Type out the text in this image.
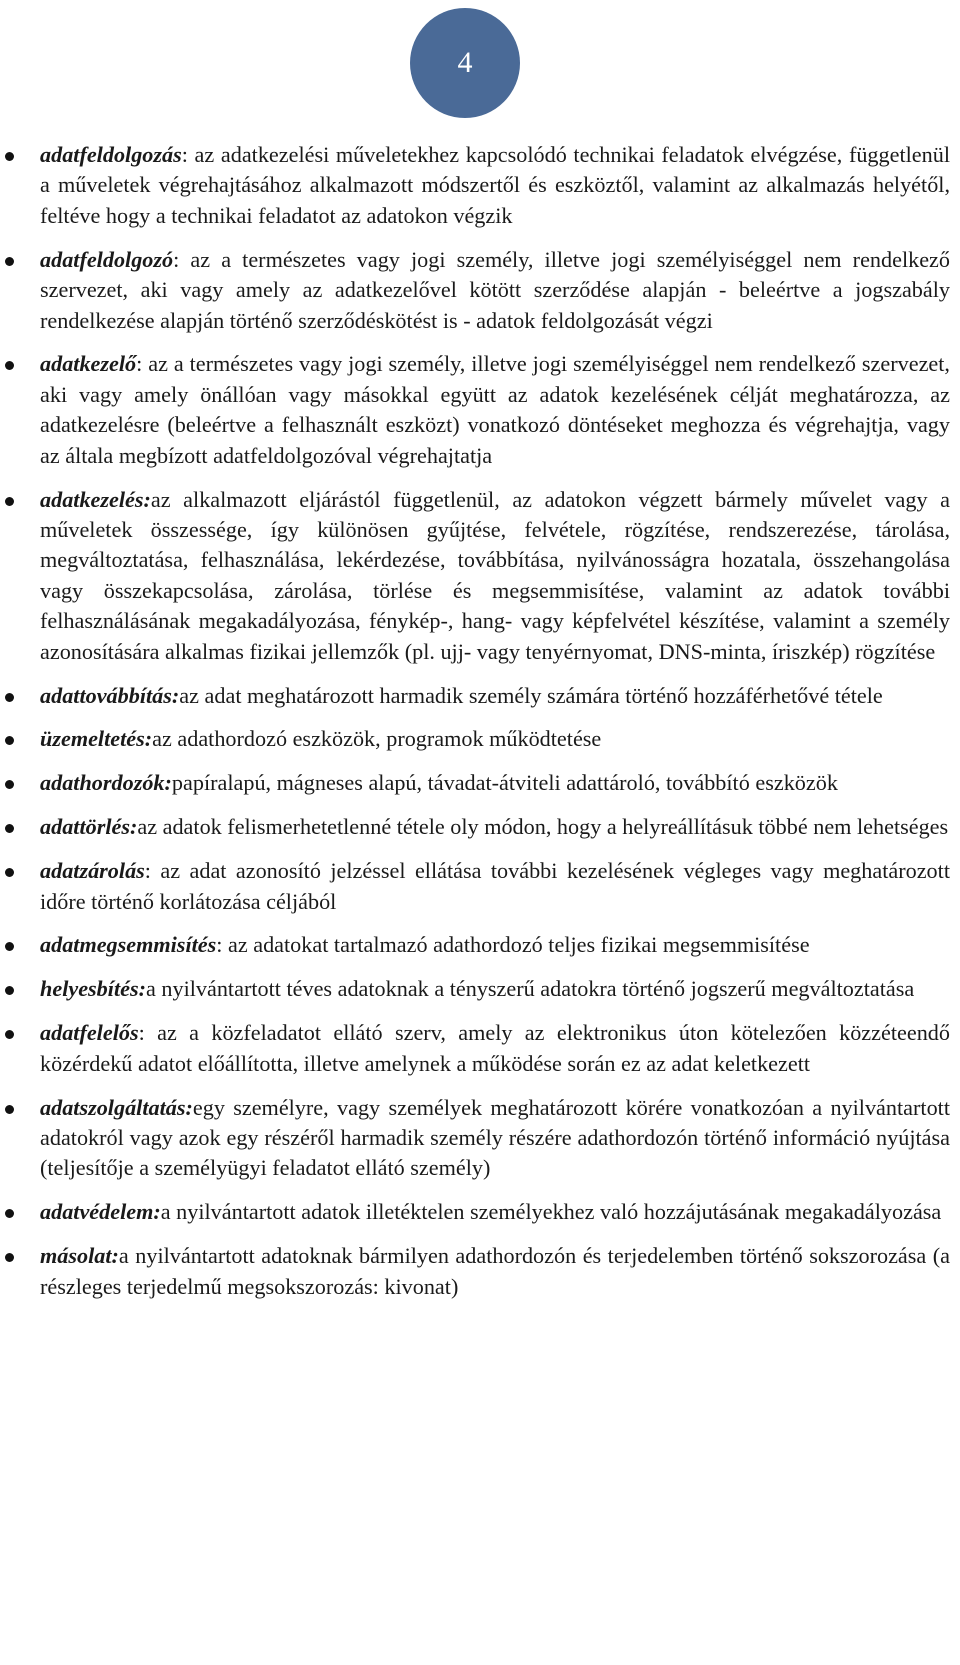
4
adatfeldolgozás: az adatkezelési műveletekhez kapcsolódó technikai feladatok elvégzése, függetlenül a műveletek végrehajtásához alkalmazott módszertől és eszköztől, valamint az alkalmazás helyétől, feltéve hogy a technikai feladatot az adatokon végzik
adatfeldolgozó: az a természetes vagy jogi személy, illetve jogi személyiséggel nem rendelkező szervezet, aki vagy amely az adatkezelővel kötött szerződése alapján - beleértve a jogszabály rendelkezése alapján történő szerződéskötést is - adatok feldolgozását végzi
adatkezelő: az a természetes vagy jogi személy, illetve jogi személyiséggel nem rendelkező szervezet, aki vagy amely önállóan vagy másokkal együtt az adatok kezelésének célját meghatározza, az adatkezelésre (beleértve a felhasznált eszközt) vonatkozó döntéseket meghozza és végrehajtja, vagy az általa megbízott adatfeldolgozóval végrehajtatja
adatkezelés:az alkalmazott eljárástól függetlenül, az adatokon végzett bármely művelet vagy a műveletek összessége, így különösen gyűjtése, felvétele, rögzítése, rendszerezése, tárolása, megváltoztatása, felhasználása, lekérdezése, továbbítása, nyilvánosságra hozatala, összehangolása vagy összekapcsolása, zárolása, törlése és megsemmisítése, valamint az adatok további felhasználásának megakadályozása, fénykép-, hang- vagy képfelvétel készítése, valamint a személy azonosítására alkalmas fizikai jellemzők (pl. ujj- vagy tenyérnyomat, DNS-minta, íriszkép) rögzítése
adattovábbítás:az adat meghatározott harmadik személy számára történő hozzáférhetővé tétele
üzemeltetés:az adathordozó eszközök, programok működtetése
adathordozók:papíralapú, mágneses alapú, távadat-átviteli adattároló, továbbító eszközök
adattörlés:az adatok felismerhetetlenné tétele oly módon, hogy a helyreállításuk többé nem lehetséges
adatzárolás: az adat azonosító jelzéssel ellátása további kezelésének végleges vagy meghatározott időre történő korlátozása céljából
adatmegsemmisítés: az adatokat tartalmazó adathordozó teljes fizikai megsemmisítése
helyesbítés:a nyilvántartott téves adatoknak a tényszerű adatokra történő jogszerű megváltoztatása
adatfelelős: az a közfeladatot ellátó szerv, amely az elektronikus úton kötelezően közzéteendő közérdekű adatot előállította, illetve amelynek a működése során ez az adat keletkezett
adatszolgáltatás:egy személyre, vagy személyek meghatározott körére vonatkozóan a nyilvántartott adatokról vagy azok egy részéről harmadik személy részére adathordozón történő információ nyújtása (teljesítője a személyügyi feladatot ellátó személy)
adatvédelem:a nyilvántartott adatok illetéktelen személyekhez való hozzájutásának megakadályozása
másolat:a nyilvántartott adatoknak bármilyen adathordozón és terjedelemben történő sokszorozása (a részleges terjedelmű megsokszorozás: kivonat)
